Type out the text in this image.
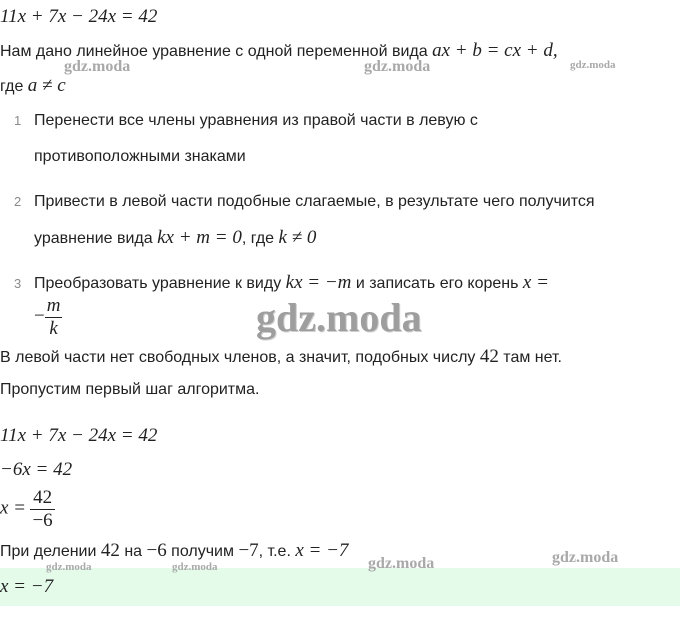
11x + 7x − 24x = 42
Нам дано линейное уравнение с одной переменной вида ax + b = cx + d,
где a ≠ c
1 Перенести все члены уравнения из правой части в левую с
противоположными знаками
2 Привести в левой части подобные слагаемые, в результате чего получится
уравнение вида kx + m = 0, где k ≠ 0
3 Преобразовать уравнение к виду kx = −m и записать его корень x =
− $\frac{m}{k}$
В левой части нет свободных членов, а значит, подобных числу 42 там нет.
Пропустим первый шаг алгоритма.
11x + 7x − 24x = 42
−6x = 42
$x = \frac{42}{-6}$
При делении 42 на −6 получим −7, т.е. x = −7
x = −7
gdz.moda	gdz.moda	gdz.moda
gdz.moda
gdz.moda	gdz.moda	gdz.moda	gdz.moda
